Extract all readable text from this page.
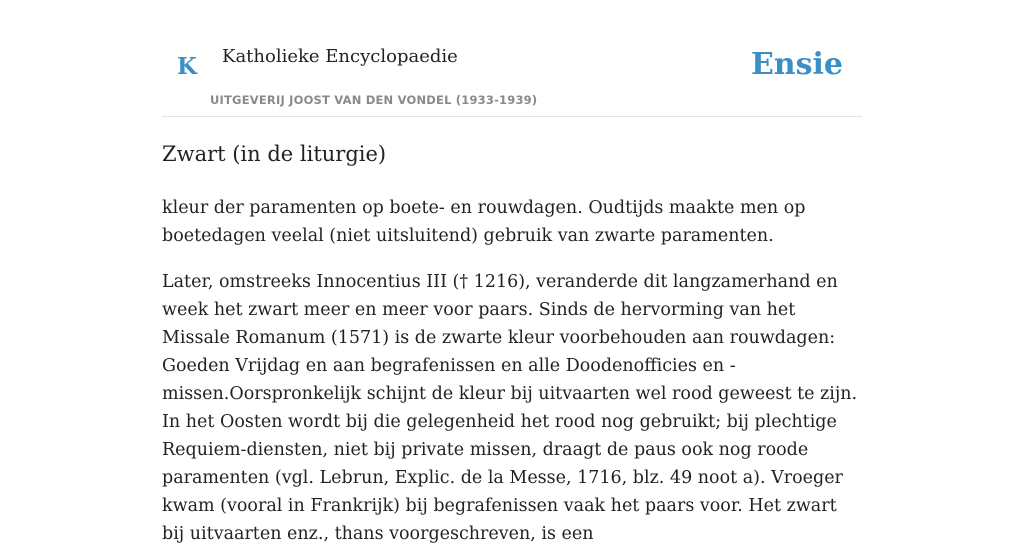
K Katholieke Encyclopaedie
UITGEVERIJ JOOST VAN DEN VONDEL (1933-1939)
Ensie
Zwart (in de liturgie)

kleur der paramenten op boete- en rouwdagen. Oudtijds maakte men op boetedagen veelal (niet uitsluitend) gebruik van zwarte paramenten.

Later, omstreeks Innocentius III († 1216), veranderde dit langzamerhand en week het zwart meer en meer voor paars. Sinds de hervorming van het Missale Romanum (1571) is de zwarte kleur voorbehouden aan rouwdagen: Goeden Vrijdag en aan begrafenissen en alle Doodenofficies en -missen.Oorspronkelijk schijnt de kleur bij uitvaarten wel rood geweest te zijn. In het Oosten wordt bij die gelegenheid het rood nog gebruikt; bij plechtige Requiem-diensten, niet bij private missen, draagt de paus ook nog roode paramenten (vgl. Lebrun, Explic. de la Messe, 1716, blz. 49 noot a). Vroeger kwam (vooral in Frankrijk) bij begrafenissen vaak het paars voor. Het zwart bij uitvaarten enz., thans voorgeschreven, is een
